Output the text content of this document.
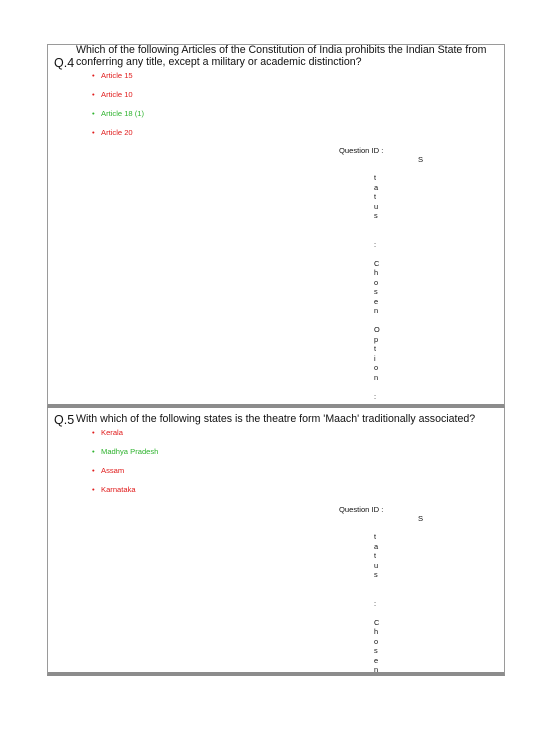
Q.4
Which of the following Articles of the Constitution of India prohibits the Indian State from conferring any title, except a military or academic distinction?
• Article 15
• Article 10
• Article 18 (1)
• Article 20
Question ID :
S
t
a
t
u
s
:
C
h
o
s
e
n
O
p
t
i
o
n
:
Q.5 With which of the following states is the theatre form 'Maach' traditionally associated?
• Kerala
• Madhya Pradesh
• Assam
• Karnataka
Question ID :
S
t
a
t
u
s
:
C
h
o
s
e
n
